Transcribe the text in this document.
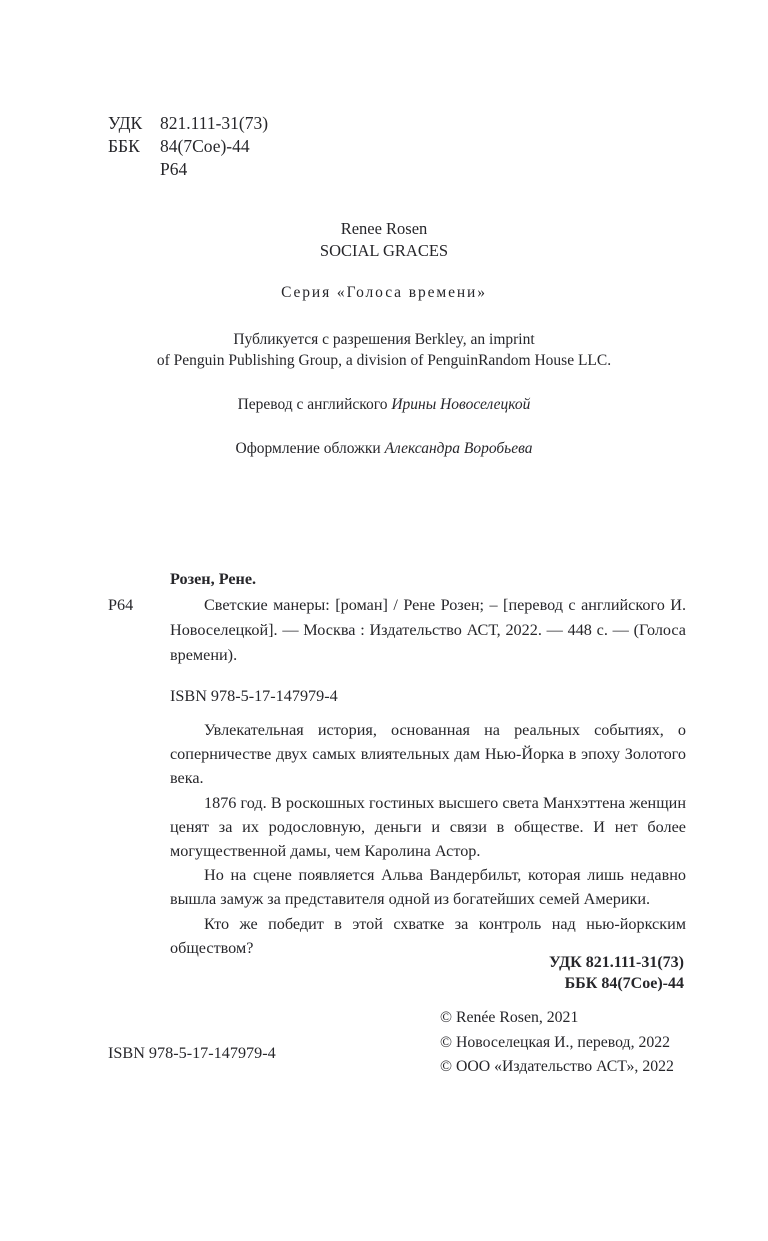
УДК 821.111-31(73)
ББК 84(7Сое)-44
Р64
Renee Rosen
SOCIAL GRACES
Серия «Голоса времени»
Публикуется с разрешения Berkley, an imprint
of Penguin Publishing Group, a division of PenguinRandom House LLC.
Перевод с английского Ирины Новоселецкой
Оформление обложки Александра Воробьева
Розен, Рене.
Р64	Светские манеры: [роман] / Рене Розен; – [перевод с английского И. Новоселецкой]. — Москва : Издательство АСТ, 2022. — 448 с. — (Голоса времени).
ISBN 978-5-17-147979-4

Увлекательная история, основанная на реальных событиях, о соперничестве двух самых влиятельных дам Нью-Йорка в эпоху Золотого века.

1876 год. В роскошных гостиных высшего света Манхэттена женщин ценят за их родословную, деньги и связи в обществе. И нет более могущественной дамы, чем Каролина Астор.

Но на сцене появляется Альва Вандербильт, которая лишь недавно вышла замуж за представителя одной из богатейших семей Америки.

Кто же победит в этой схватке за контроль над нью-йоркским обществом?

УДК 821.111-31(73)
ББК 84(7Сое)-44
© Renée Rosen, 2021
© Новоселецкая И., перевод, 2022
© ООО «Издательство АСТ», 2022
ISBN 978-5-17-147979-4
